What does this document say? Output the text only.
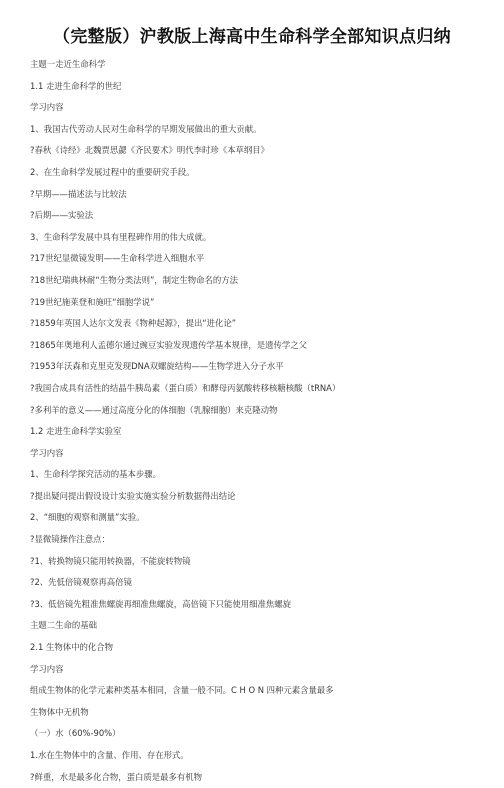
（完整版）沪教版上海高中生命科学全部知识点归纳
主题一走近生命科学
1.1 走进生命科学的世纪
学习内容
1、我国古代劳动人民对生命科学的早期发展做出的重大贡献。
?春秋《诗经》北魏贾思勰《齐民要术》明代李时珍《本草纲目》
2、在生命科学发展过程中的重要研究手段。
?早期——描述法与比较法
?后期——实验法
3、生命科学发展中具有里程碑作用的伟大成就。
?17世纪显微镜发明——生命科学进入细胞水平
?18世纪瑞典林耐“生物分类法则”，制定生物命名的方法
?19世纪施莱登和施旺“细胞学说”
?1859年英国人达尔文发表《物种起源》，提出“进化论”
?1865年奥地利人孟德尔通过豌豆实验发现遗传学基本规律，是遗传学之父
?1953年沃森和克里克发现DNA双螺旋结构——生物学进入分子水平
?我国合成具有活性的结晶牛胰岛素（蛋白质）和酵母丙氨酸转移核糖核酸（tRNA）
?多利羊的意义——通过高度分化的体细胞（乳腺细胞）来克隆动物
1.2 走进生命科学实验室
学习内容
1、生命科学探究活动的基本步骤。
?提出疑问提出假设设计实验实施实验分析数据得出结论
2、“细胞的观察和测量”实验。
?显微镜操作注意点：
?1、转换物镜只能用转换器，不能旋转物镜
?2、先低倍镜观察再高倍镜
?3、低倍镜先粗准焦螺旋再细准焦螺旋，高倍镜下只能使用细准焦螺旋
主题二生命的基础
2.1 生物体中的化合物
学习内容
组成生物体的化学元素种类基本相同，含量一般不同。C H O N 四种元素含量最多
生物体中无机物
（一）水（60%-90%）
1.水在生物体中的含量、作用、存在形式。
?鲜重，水是最多化合物，蛋白质是最多有机物
